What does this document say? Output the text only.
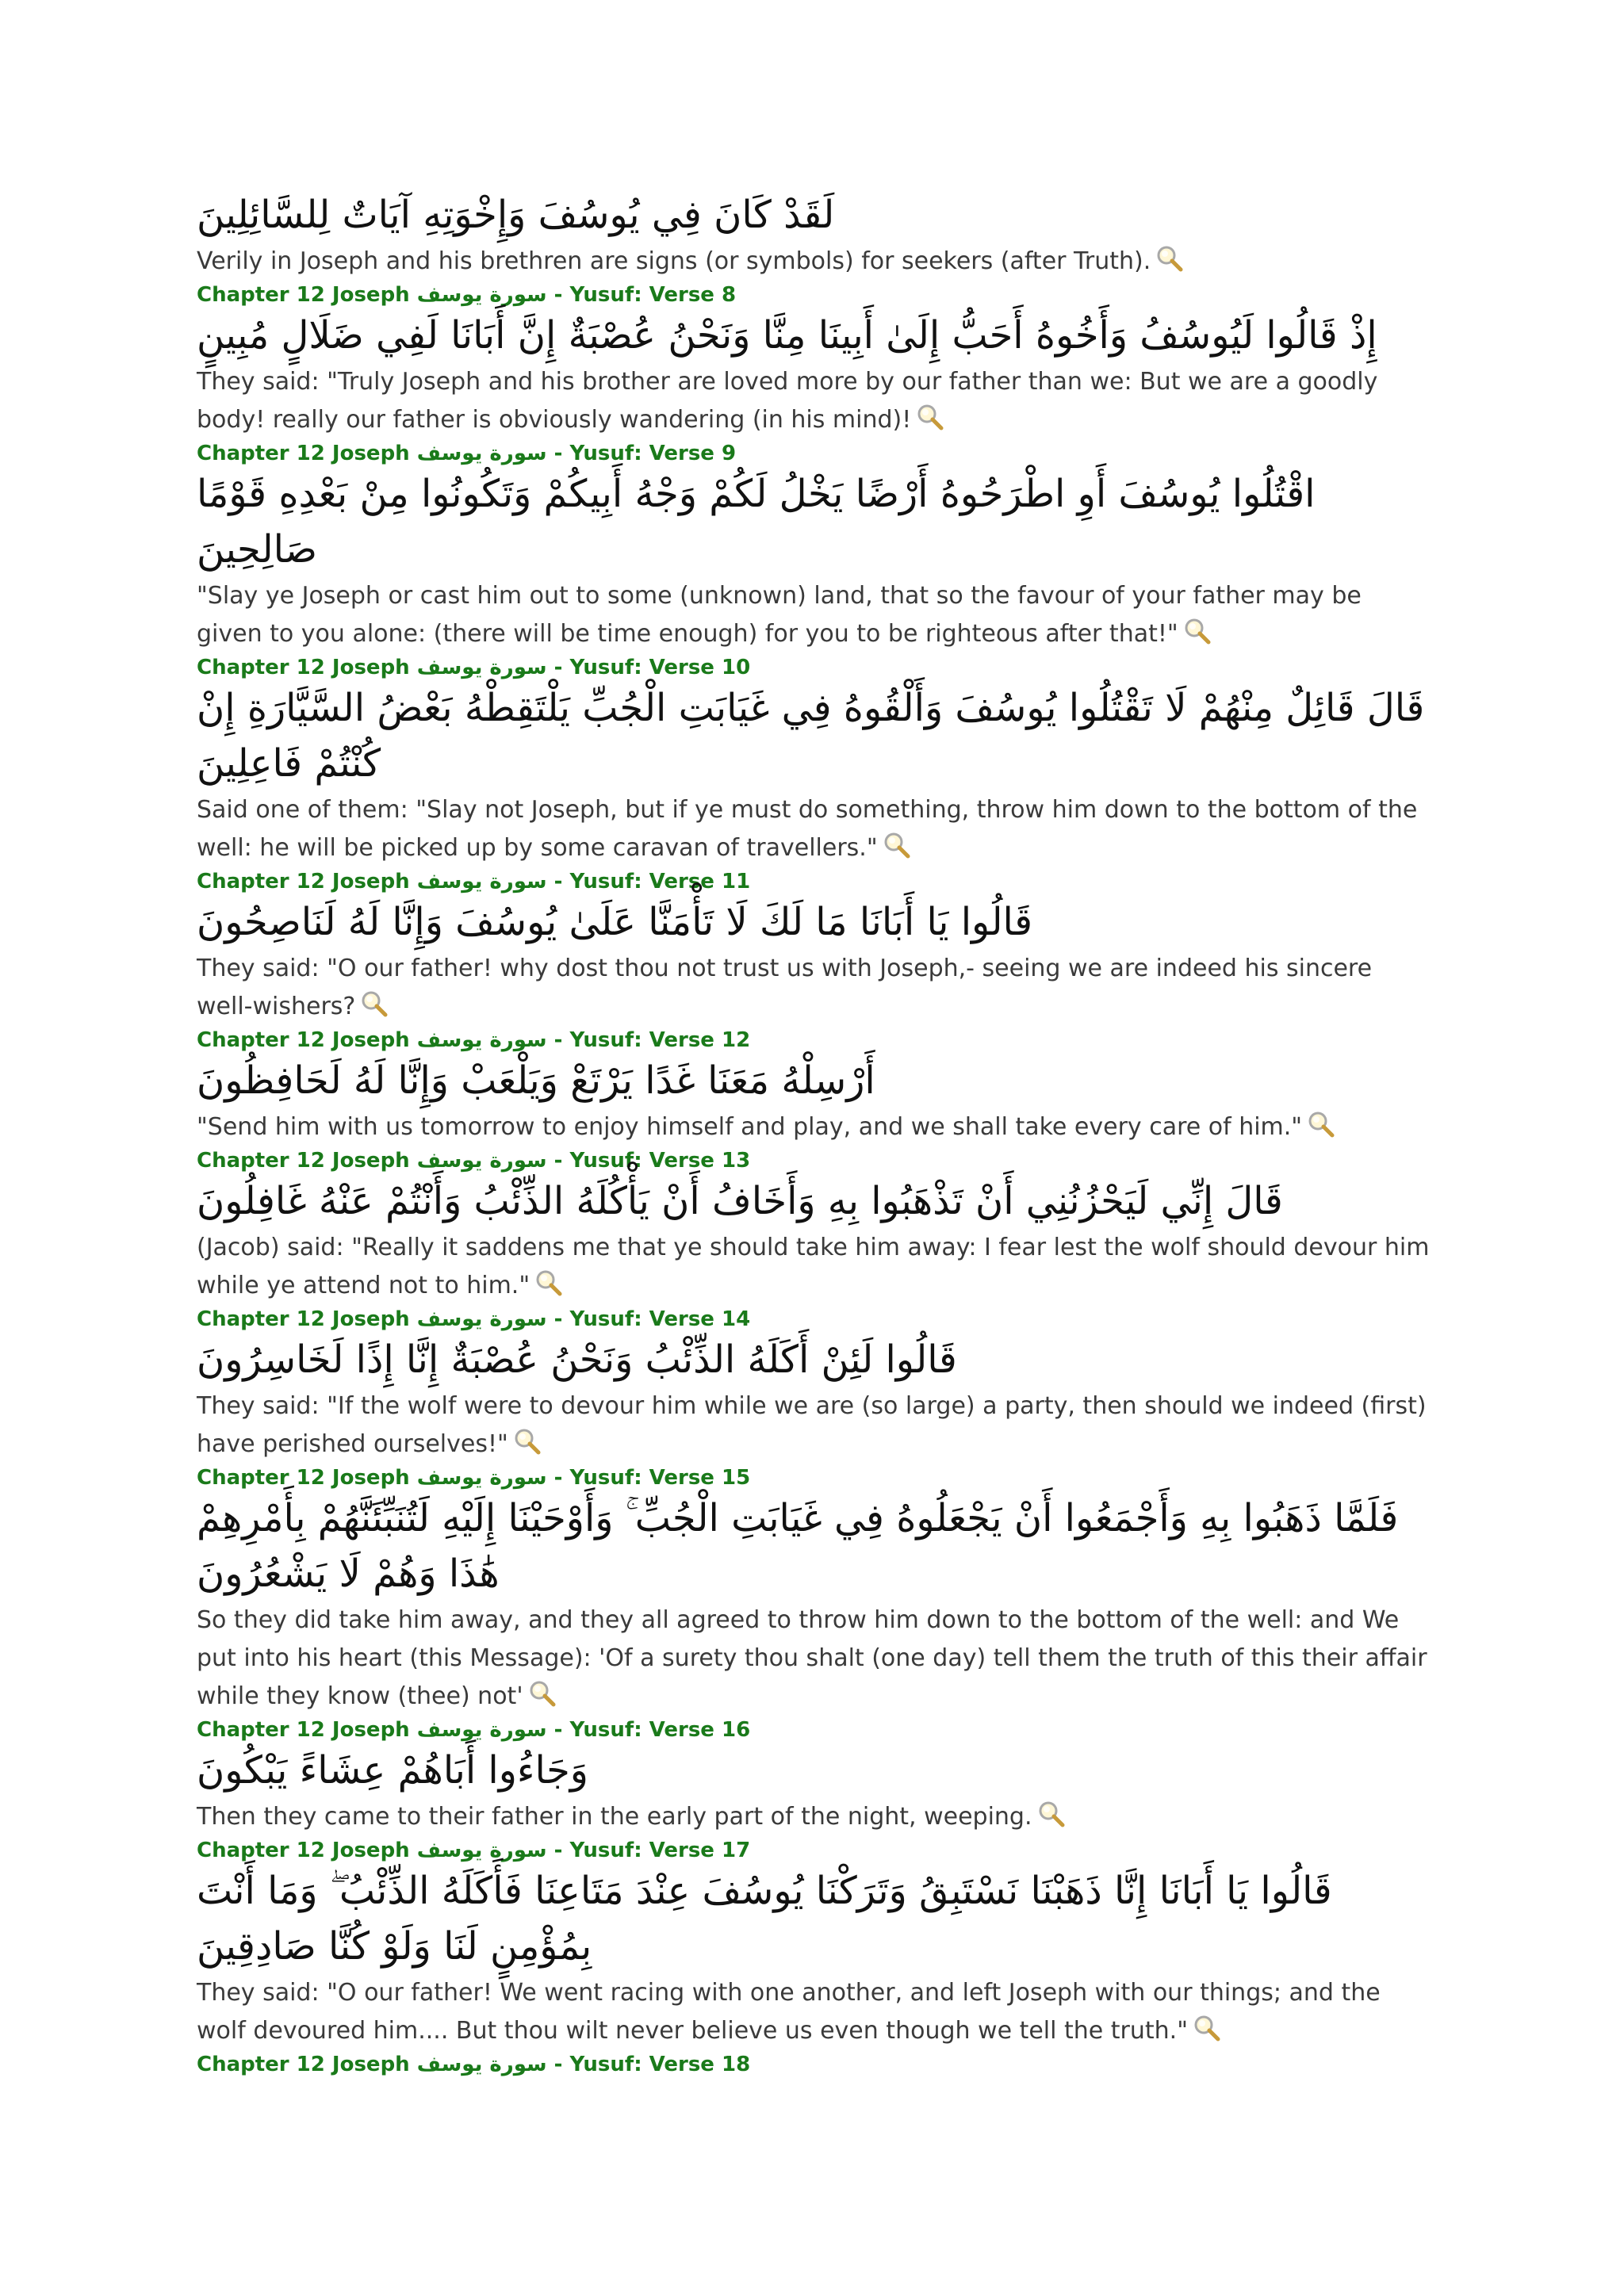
لَقَدْ كَانَ فِي يُوسُفَ وَإِخْوَتِهِ آيَاتٌ لِلسَّائِلِينَ

Verily in Joseph and his brethren are signs (or symbols) for seekers (after Truth).

Chapter 12 Joseph سورة يوسف - Yusuf: Verse 8

إِذْ قَالُوا لَيُوسُفُ وَأَخُوهُ أَحَبُّ إِلَىٰ أَبِينَا مِنَّا وَنَحْنُ عُصْبَةٌ إِنَّ أَبَانَا لَفِي ضَلَالٍ مُبِينٍ

They said: "Truly Joseph and his brother are loved more by our father than we: But we are a goodly body! really our father is obviously wandering (in his mind)!

Chapter 12 Joseph سورة يوسف - Yusuf: Verse 9

اقْتُلُوا يُوسُفَ أَوِ اطْرَحُوهُ أَرْضًا يَخْلُ لَكُمْ وَجْهُ أَبِيكُمْ وَتَكُونُوا مِنْ بَعْدِهِ قَوْمًا صَالِحِينَ

"Slay ye Joseph or cast him out to some (unknown) land, that so the favour of your father may be given to you alone: (there will be time enough) for you to be righteous after that!"

Chapter 12 Joseph سورة يوسف - Yusuf: Verse 10

قَالَ قَائِلٌ مِنْهُمْ لَا تَقْتُلُوا يُوسُفَ وَأَلْقُوهُ فِي غَيَابَتِ الْجُبِّ يَلْتَقِطْهُ بَعْضُ السَّيَّارَةِ إِنْ كُنْتُمْ فَاعِلِينَ

Said one of them: "Slay not Joseph, but if ye must do something, throw him down to the bottom of the well: he will be picked up by some caravan of travellers."

Chapter 12 Joseph سورة يوسف - Yusuf: Verse 11

قَالُوا يَا أَبَانَا مَا لَكَ لَا تَأْمَنَّا عَلَىٰ يُوسُفَ وَإِنَّا لَهُ لَنَاصِحُونَ

They said: "O our father! why dost thou not trust us with Joseph,- seeing we are indeed his sincere well-wishers?

Chapter 12 Joseph سورة يوسف - Yusuf: Verse 12

أَرْسِلْهُ مَعَنَا غَدًا يَرْتَعْ وَيَلْعَبْ وَإِنَّا لَهُ لَحَافِظُونَ

"Send him with us tomorrow to enjoy himself and play, and we shall take every care of him."

Chapter 12 Joseph سورة يوسف - Yusuf: Verse 13

قَالَ إِنِّي لَيَحْزُنُنِي أَنْ تَذْهَبُوا بِهِ وَأَخَافُ أَنْ يَأْكُلَهُ الذِّئْبُ وَأَنْتُمْ عَنْهُ غَافِلُونَ

(Jacob) said: "Really it saddens me that ye should take him away: I fear lest the wolf should devour him while ye attend not to him."

Chapter 12 Joseph سورة يوسف - Yusuf: Verse 14

قَالُوا لَئِنْ أَكَلَهُ الذِّئْبُ وَنَحْنُ عُصْبَةٌ إِنَّا إِذًا لَخَاسِرُونَ

They said: "If the wolf were to devour him while we are (so large) a party, then should we indeed (first) have perished ourselves!"

Chapter 12 Joseph سورة يوسف - Yusuf: Verse 15

فَلَمَّا ذَهَبُوا بِهِ وَأَجْمَعُوا أَنْ يَجْعَلُوهُ فِي غَيَابَتِ الْجُبِّ ۚ وَأَوْحَيْنَا إِلَيْهِ لَتُنَبِّئَنَّهُمْ بِأَمْرِهِمْ هَٰذَا وَهُمْ لَا يَشْعُرُونَ

So they did take him away, and they all agreed to throw him down to the bottom of the well: and We put into his heart (this Message): 'Of a surety thou shalt (one day) tell them the truth of this their affair while they know (thee) not'

Chapter 12 Joseph سورة يوسف - Yusuf: Verse 16

وَجَاءُوا أَبَاهُمْ عِشَاءً يَبْكُونَ

Then they came to their father in the early part of the night, weeping.

Chapter 12 Joseph سورة يوسف - Yusuf: Verse 17

قَالُوا يَا أَبَانَا إِنَّا ذَهَبْنَا نَسْتَبِقُ وَتَرَكْنَا يُوسُفَ عِنْدَ مَتَاعِنَا فَأَكَلَهُ الذِّئْبُ ۖ وَمَا أَنْتَ بِمُؤْمِنٍ لَنَا وَلَوْ كُنَّا صَادِقِينَ

They said: "O our father! We went racing with one another, and left Joseph with our things; and the wolf devoured him.... But thou wilt never believe us even though we tell the truth."

Chapter 12 Joseph سورة يوسف - Yusuf: Verse 18
